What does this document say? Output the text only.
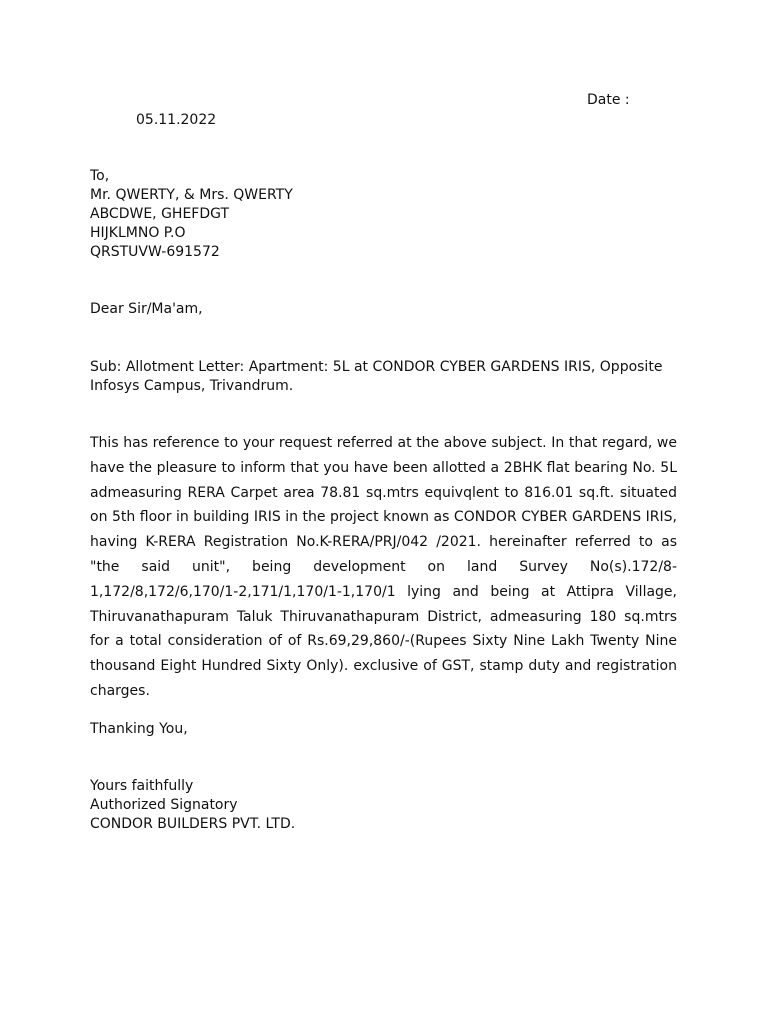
Date :
05.11.2022
To,
Mr. QWERTY, & Mrs. QWERTY
ABCDWE, GHEFDGT
HIJKLMNO P.O
QRSTUVW-691572
Dear Sir/Ma'am,
Sub: Allotment Letter: Apartment: 5L at CONDOR CYBER GARDENS IRIS, Opposite Infosys Campus, Trivandrum.
This has reference to your request referred at the above subject. In that regard, we have the pleasure to inform that you have been allotted a 2BHK flat bearing No. 5L admeasuring RERA Carpet area 78.81 sq.mtrs equivqlent to 816.01 sq.ft. situated on 5th floor in building IRIS in the project known as CONDOR CYBER GARDENS IRIS, having K-RERA Registration No.K-RERA/PRJ/042 /2021. hereinafter referred to as "the said unit", being development on land Survey No(s).172/8-1,172/8,172/6,170/1-2,171/1,170/1-1,170/1 lying and being at Attipra Village, Thiruvanathapuram Taluk Thiruvanathapuram District, admeasuring 180 sq.mtrs for a total consideration of of Rs.69,29,860/-(Rupees Sixty Nine Lakh Twenty Nine thousand Eight Hundred Sixty Only). exclusive of GST, stamp duty and registration charges.
Thanking You,
Yours faithfully
Authorized Signatory
CONDOR BUILDERS PVT. LTD.
